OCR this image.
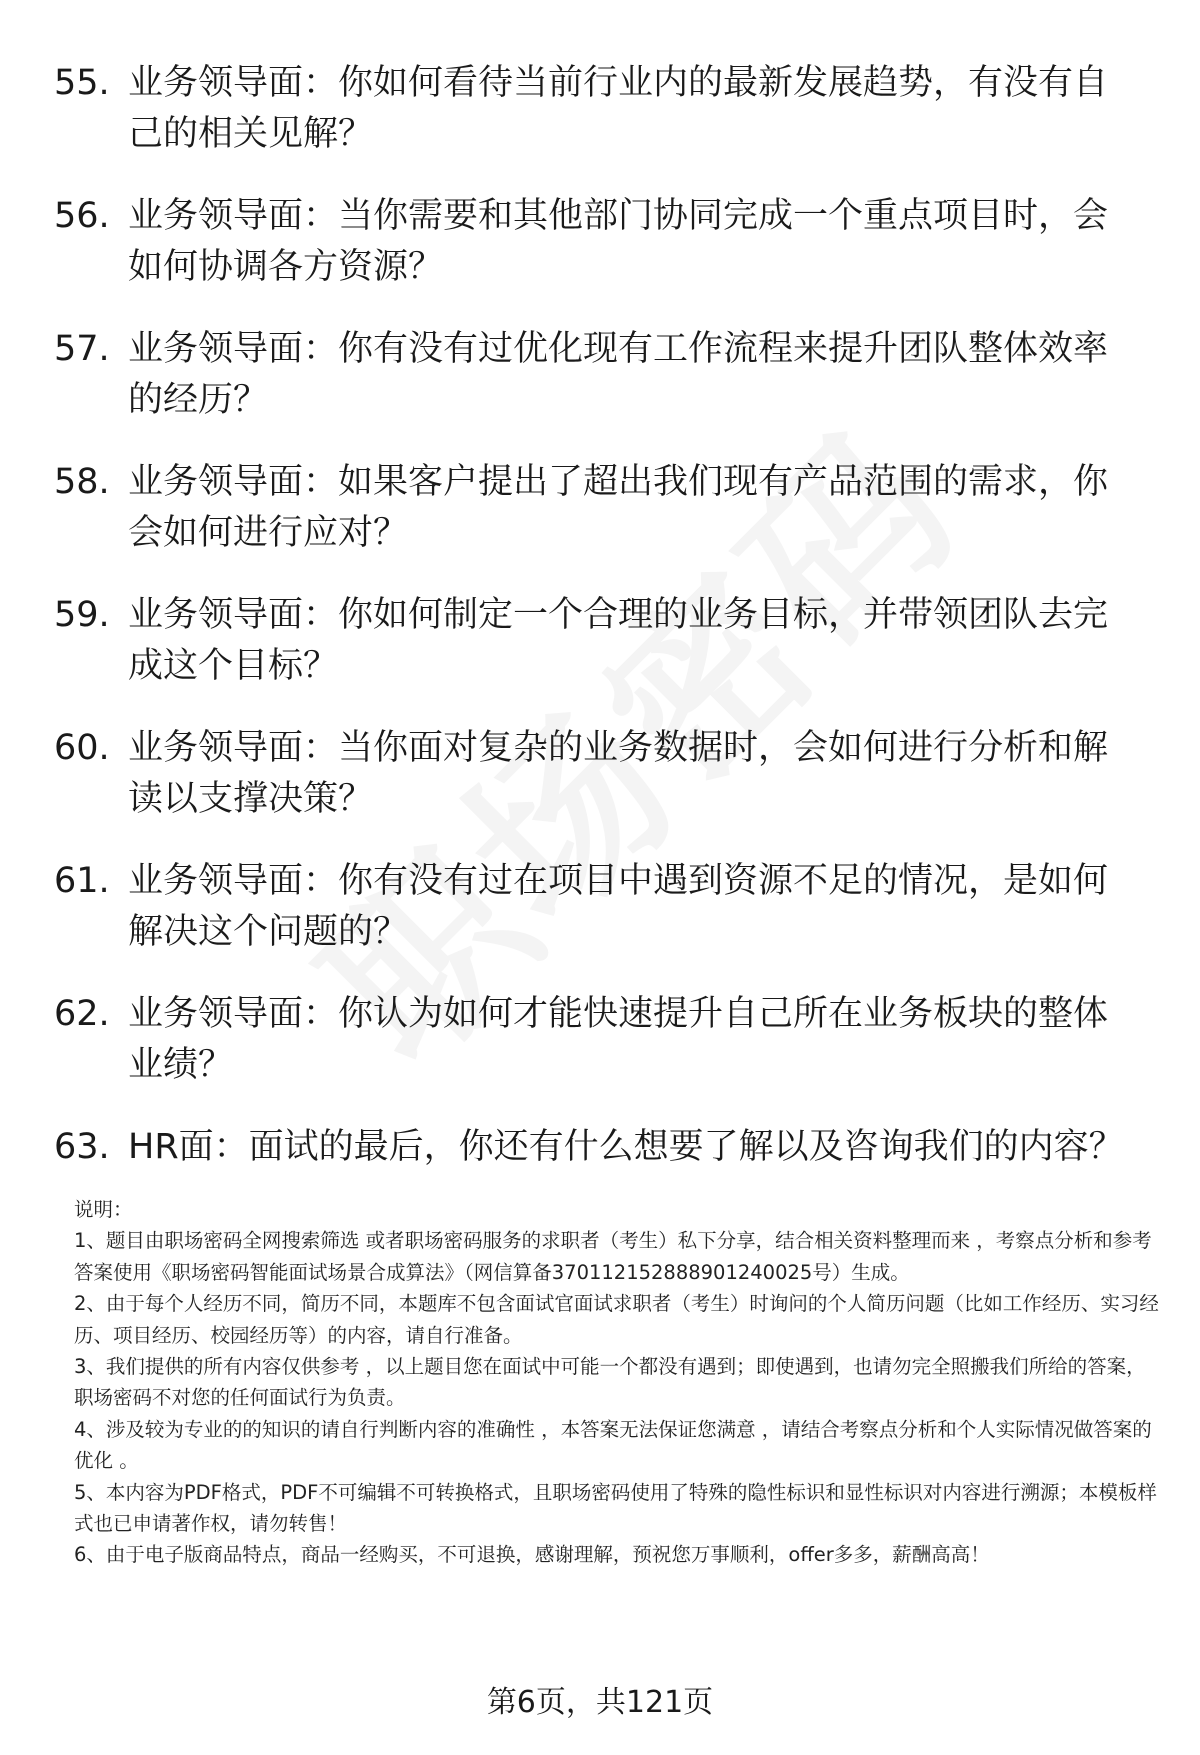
55. 业务领导面：你如何看待当前行业内的最新发展趋势，有没有自己的相关见解？
56. 业务领导面：当你需要和其他部门协同完成一个重点项目时，会如何协调各方资源？
57. 业务领导面：你有没有过优化现有工作流程来提升团队整体效率的经历？
58. 业务领导面：如果客户提出了超出我们现有产品范围的需求，你会如何进行应对？
59. 业务领导面：你如何制定一个合理的业务目标，并带领团队去完成这个目标？
60. 业务领导面：当你面对复杂的业务数据时，会如何进行分析和解读以支撑决策？
61. 业务领导面：你有没有过在项目中遇到资源不足的情况，是如何解决这个问题的？
62. 业务领导面：你认为如何才能快速提升自己所在业务板块的整体业绩？
63. HR面：面试的最后，你还有什么想要了解以及咨询我们的内容？

说明：

1、题目由职场密码全网搜索筛选 或者职场密码服务的求职者（考生）私下分享，结合相关资料整理而来 ，考察点分析和参考答案使用《职场密码智能面试场景合成算法》（网信算备370112152888901240025号）生成。

2、由于每个人经历不同，简历不同，本题库不包含面试官面试求职者（考生）时询问的个人简历问题（比如工作经历、实习经历、项目经历、校园经历等）的内容，请自行准备。

3、我们提供的所有内容仅供参考 ，以上题目您在面试中可能一个都没有遇到；即使遇到，也请勿完全照搬我们所给的答案，职场密码不对您的任何面试行为负责。

4、涉及较为专业的的知识的请自行判断内容的准确性 ，本答案无法保证您满意 ，请结合考察点分析和个人实际情况做答案的优化 。

5、本内容为PDF格式，PDF不可编辑不可转换格式，且职场密码使用了特殊的隐性标识和显性标识对内容进行溯源；本模板样式也已申请著作权，请勿转售！

6、由于电子版商品特点，商品一经购买，不可退换，感谢理解，预祝您万事顺利，offer多多，薪酬高高！

第6页，共121页
